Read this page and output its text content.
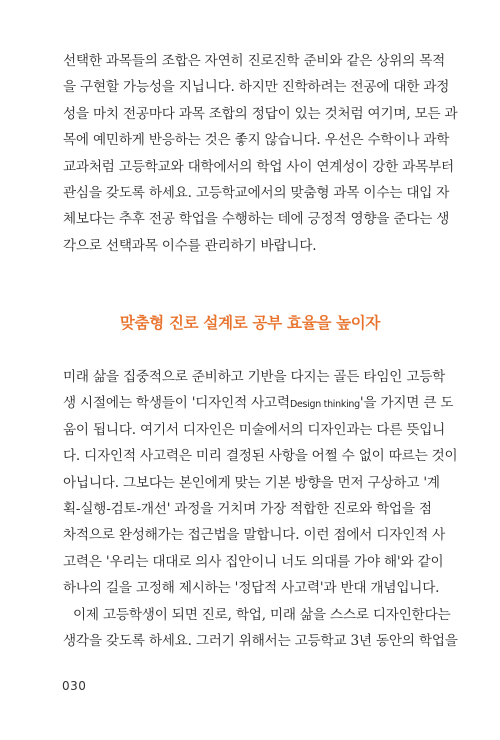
선택한 과목들의 조합은 자연히 진로진학 준비와 같은 상위의 목적
을 구현할 가능성을 지닙니다. 하지만 진학하려는 전공에 대한 과정
성을 마치 전공마다 과목 조합의 정답이 있는 것처럼 여기며, 모든 과
목에 예민하게 반응하는 것은 좋지 않습니다. 우선은 수학이나 과학
교과처럼 고등학교와 대학에서의 학업 사이 연계성이 강한 과목부터
관심을 갖도록 하세요. 고등학교에서의 맞춤형 과목 이수는 대입 자
체보다는 추후 전공 학업을 수행하는 데에 긍정적 영향을 준다는 생
각으로 선택과목 이수를 관리하기 바랍니다.

맞춤형 진로 설계로 공부 효율을 높이자

미래 삶을 집중적으로 준비하고 기반을 다지는 골든 타임인 고등학
생 시절에는 학생들이 '디자인적 사고력Design thinking'을 가지면 큰 도
움이 됩니다. 여기서 디자인은 미술에서의 디자인과는 다른 뜻입니
다. 디자인적 사고력은 미리 결정된 사항을 어쩔 수 없이 따르는 것이
아닙니다. 그보다는 본인에게 맞는 기본 방향을 먼저 구상하고 '계
획-실행-검토-개선' 과정을 거치며 가장 적합한 진로와 학업을 점
차적으로 완성해가는 접근법을 말합니다. 이런 점에서 디자인적 사
고력은 '우리는 대대로 의사 집안이니 너도 의대를 가야 해'와 같이
하나의 길을 고정해 제시하는 '정답적 사고력'과 반대 개념입니다.
이제 고등학생이 되면 진로, 학업, 미래 삶을 스스로 디자인한다는
생각을 갖도록 하세요. 그러기 위해서는 고등학교 3년 동안의 학업을

030
